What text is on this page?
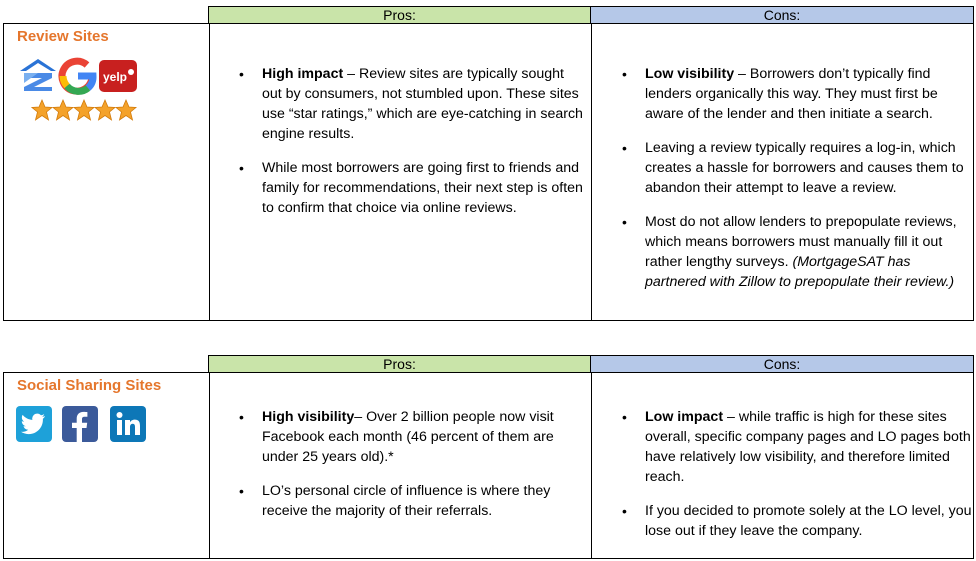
Pros:	Cons:
Review Sites
yelp
•	High impact – Review sites are typically sought out by consumers, not stumbled upon. These sites use “star ratings,” which are eye-catching in search engine results.
• While most borrowers are going first to friends and family for recommendations, their next step is often to confirm that choice via online reviews.
• Low visibility – Borrowers don’t typically find lenders organically this way. They must first be aware of the lender and then initiate a search.
• Leaving a review typically requires a log-in, which creates a hassle for borrowers and causes them to abandon their attempt to leave a review.
• Most do not allow lenders to prepopulate reviews, which means borrowers must manually fill it out rather lengthy surveys. (MortgageSAT has partnered with Zillow to prepopulate their review.)
Pros:	Cons:
Social Sharing Sites
• High visibility– Over 2 billion people now visit Facebook each month (46 percent of them are under 25 years old).*
• LO’s personal circle of influence is where they receive the majority of their referrals.
• Low impact – while traffic is high for these sites overall, specific company pages and LO pages both have relatively low visibility, and therefore limited reach.
• If you decided to promote solely at the LO level, you lose out if they leave the company.
